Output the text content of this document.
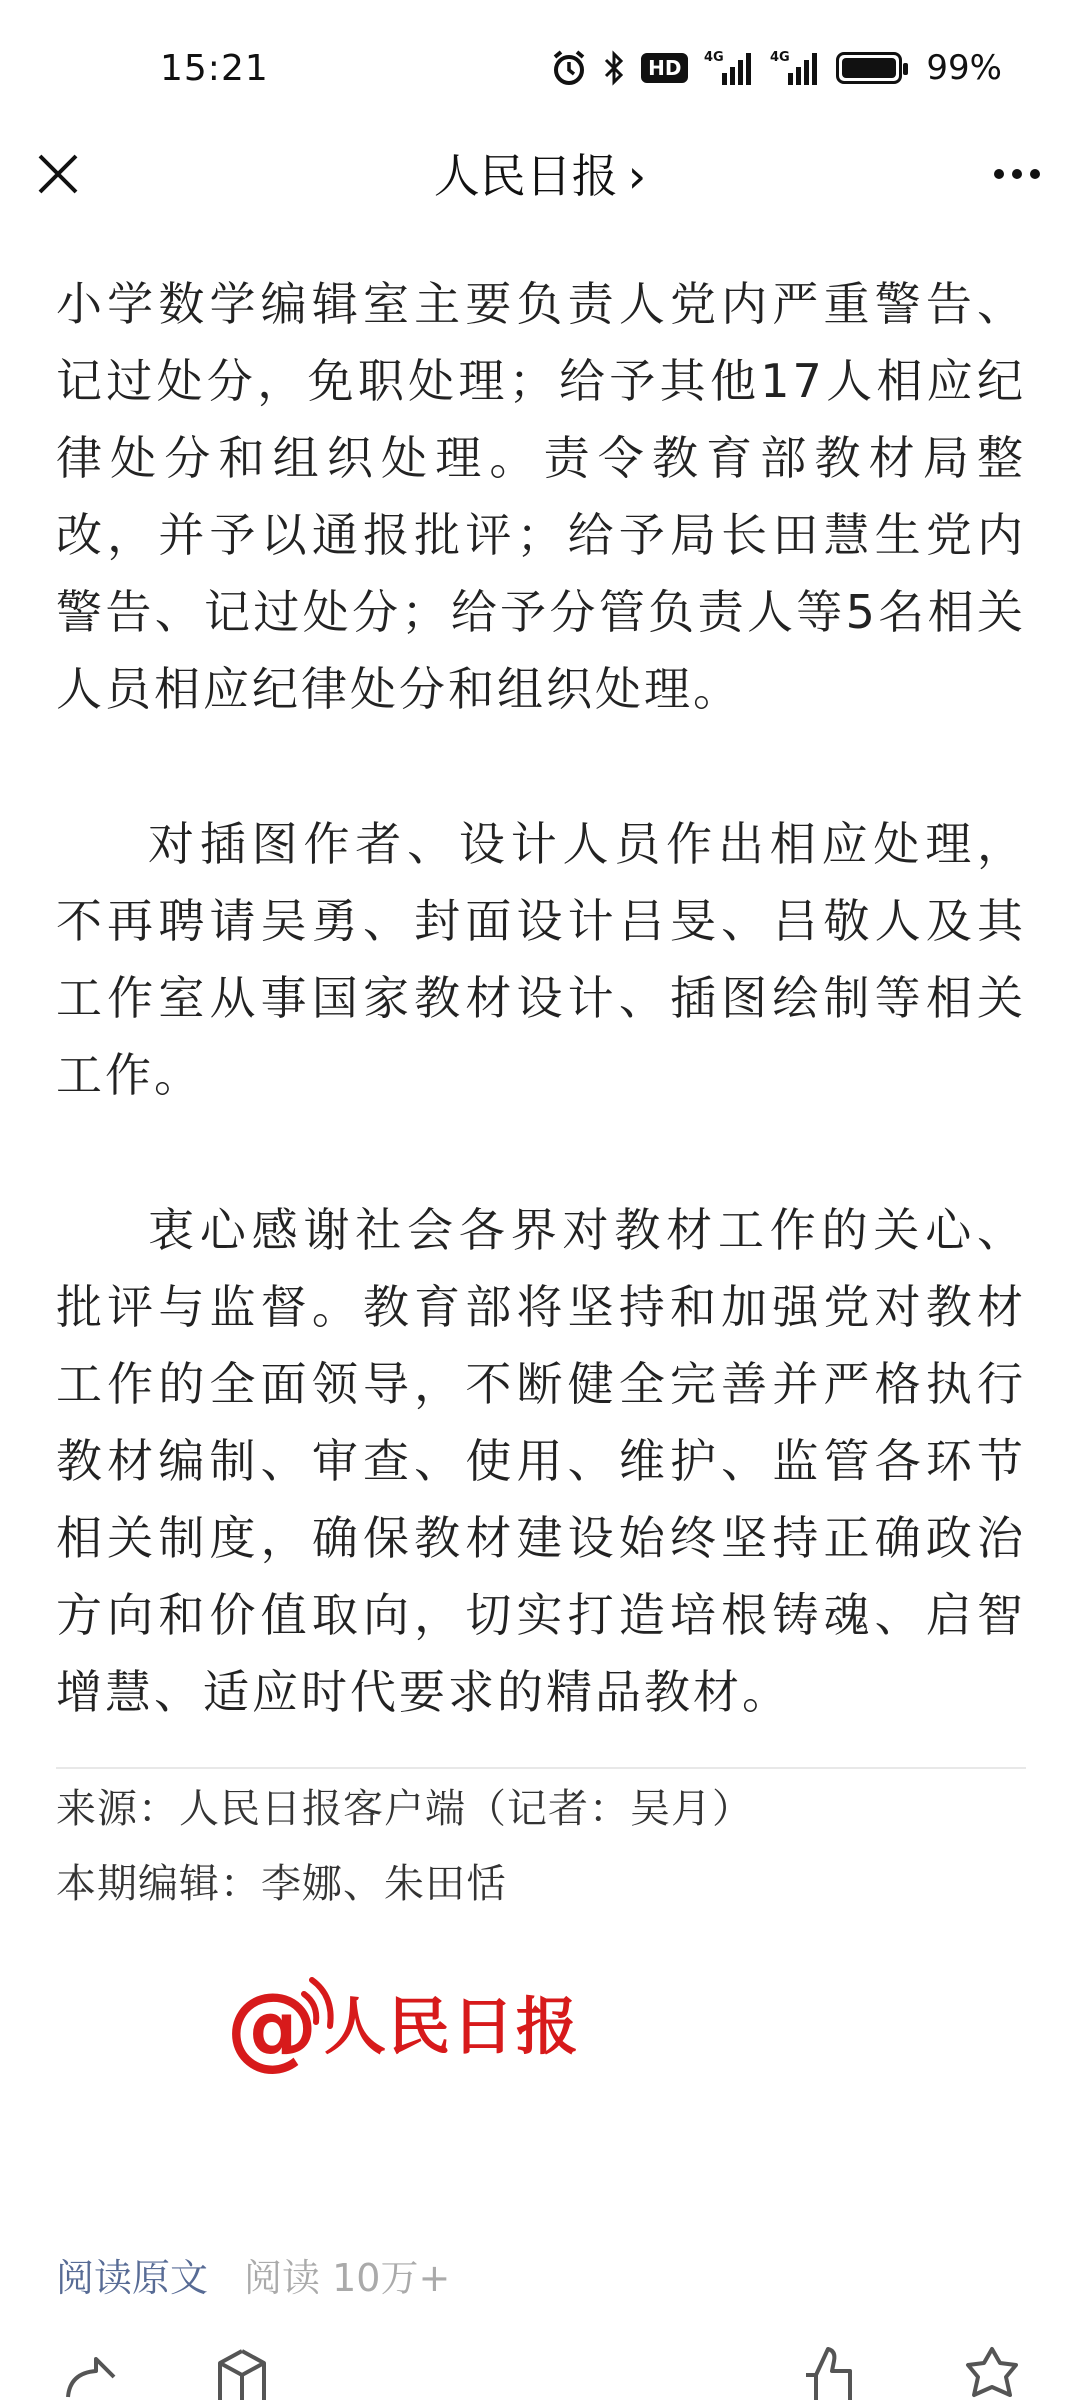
15:21	HD	4G	4G	99%
人民日报 ›

小学数学编辑室主要负责人党内严重警告、记过处分，免职处理；给予其他17人相应纪律处分和组织处理。责令教育部教材局整改，并予以通报批评；给予局长田慧生党内警告、记过处分；给予分管负责人等5名相关人员相应纪律处分和组织处理。

对插图作者、设计人员作出相应处理，不再聘请吴勇、封面设计吕旻、吕敬人及其工作室从事国家教材设计、插图绘制等相关工作。

衷心感谢社会各界对教材工作的关心、批评与监督。教育部将坚持和加强党对教材工作的全面领导，不断健全完善并严格执行教材编制、审查、使用、维护、监管各环节相关制度，确保教材建设始终坚持正确政治方向和价值取向，切实打造培根铸魂、启智增慧、适应时代要求的精品教材。

来源：人民日报客户端（记者：吴月）
本期编辑：李娜、朱田恬
@ 人民日报
阅读原文 阅读 10万+
